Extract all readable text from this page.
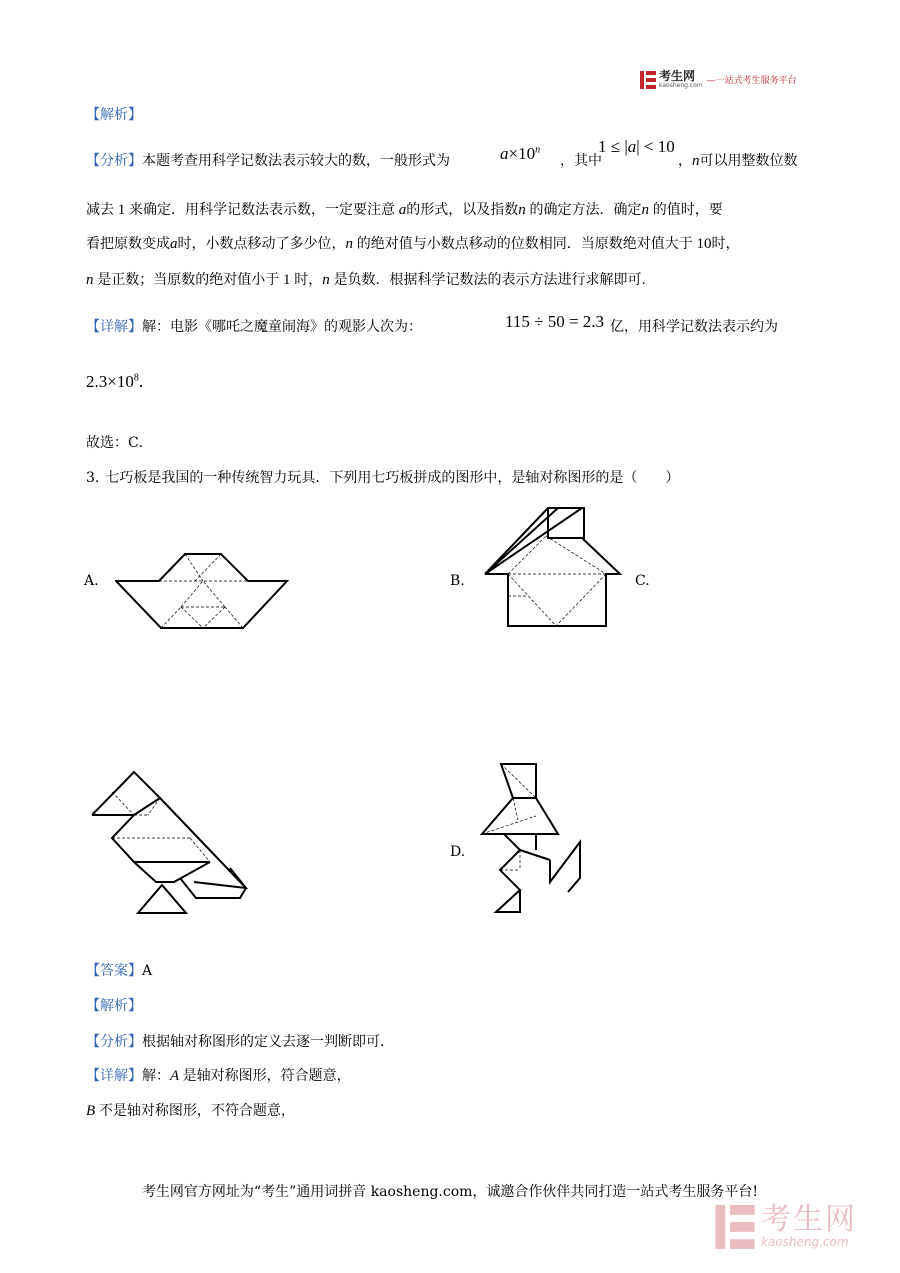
考生网
kaosheng.com —一站式考生服务平台
【解析】
【分析】本题考查用科学记数法表示较大的数，一般形式为	$a\times 10^n$
，其中
1 ≤ |a| < 10
，n可以用整数位数
减去 1 来确定．用科学记数法表示数，一定要注意 a的形式，以及指数n 的确定方法．确定n 的值时，要
看把原数变成a时，小数点移动了多少位，n 的绝对值与小数点移动的位数相同．当原数绝对值大于 10时，
n 是正数；当原数的绝对值小于 1 时，n 是负数．根据科学记数法的表示方法进行求解即可．
【详解】解：电影《哪吒之魔童闹海》的观影人次为：	115 ÷ 50 = 2.3 亿，用科学记数法表示约为
$2.3\times 10^8$.
故选：C．
3. 七巧板是我国的一种传统智力玩具．下列用七巧板拼成的图形中，是轴对称图形的是（　　）
A.	B.	C.
D.
【答案】A
【解析】
【分析】根据轴对称图形的定义去逐一判断即可．
【详解】解：A 是轴对称图形，符合题意，
B 不是轴对称图形，不符合题意，
考生网官方网址为“考生”通用词拼音 kaosheng.com，诚邀合作伙伴共同打造一站式考生服务平台!
考生网
kaosheng.com
